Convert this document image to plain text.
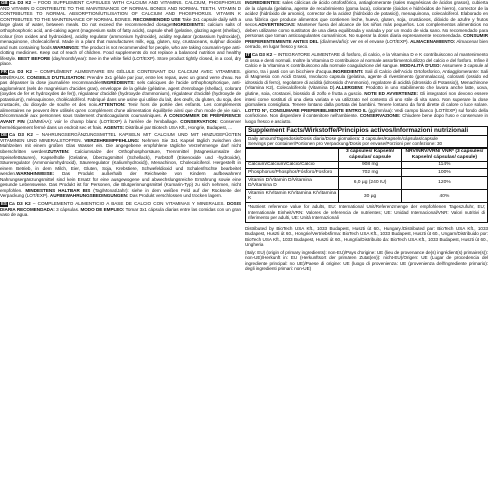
GB Ca D3 K2 – FOOD SUPPLEMENT CAPSULES WITH CALCIUM AND VITAMINS. CALCIUM, PHOSPHORUS AND VITAMIN D CONTRIBUTE TO THE MAINTENANCE OF NORMAL BONES AND NORMAL TEETH. VITAMIN D CONTRIBUTES TO NORMAL ABSORPTION/UTILISATION OF CALCIUM AND PHOSPHORUS. VITAMIN K CONTRIBUTES TO THE MAINTENANCE OF NORMAL BONES. RECOMMENDED USE Take 3x1 capsule daily with a large glass of water, between meals. Do not exceed the recommended dosage!INGREDIENTS: calcium salts of orthophosphoric acid, anti-caking agent (magnesium salts of fatty acids), capsule shell (gelatine, glazing agent (shellac), colour (iron oxides and hydroxides), acidity regulator (ammonium hydroxide), acidity regulator (potassium hydroxide)), menaquinone, cholecalciferol. Made in a plant that manufactures milk, egg, gluten, soy, crustaceans, sulphur dioxide and nuts containing foods.WARNINGS: The product is not recommended for people, who are taking coumarin-type anti-clotting medicines. Keep out of reach of children. Food supplements do not replace a balanced nutrition and healthy lifestyle. BEST BEFORE (day/month/year): See in the white field (LOT/EXP). Store product tightly closed, in a cool, dry place.

FR Ca D3 K2 – COMPLÉMENT ALIMENTAIRE EN GÉLULE CONTENANT DU CALCIUM AVEC VITAMINES. MINÉRAUX. CONSEILS D'UTILISATION: Prendre 3x1 gélule par jour, entre les repas, avec un grand verre d'eau. Ne pas dépasser la dose journalière recommandée!INGRÉDIENTS: sels calciques de l'acide orthophosphorique, anti-agglomérant (sels de magnésium d'acides gras), enveloppe de la gélule (gélatine, agent d'enrobage (shellac), colorant (oxydes de fer et hydroxydes de fer)), régulateur d'acidité (hydroxyde d'ammonium), régulateur d'acidité (hydroxyde de potassium)), ménaquinone, cholécalciférol. Fabriqué dans une usine qui utilise du lait, des œufs, du gluten, du soja, des crustacés, du dioxyde de soufre et des noix.ATTENTION: Tenir hors de portée des enfants. Les compléments alimentaires ne peuvent être utilisés qu'en complément d'une alimentation équilibrée ainsi que d'un mode de vie sain. Décommandé aux personnes sous traitement d'anticoagulants coumariniques. À CONSOMMER DE PRÉFÉRENCE AVANT FIN (JJ/MM/AA): voir le champ blanc (LOT/EXP) à l'arrière de l'emballage. CONSERVATION: Conserver hermétiquement fermé dans un endroit sec et frais. AGENTS: Distribué par Biotech USA Kft., Hongrie, Budapest, ...

DE Ca D3 K2 – NAHRUNGSERGÄNZUNGSMITTEL KAPSELN MIT CALCIUM UND MIT HINZUGEFÜGTEN VITAMINEN UND MINERALSTOFFEN. VERZEHREMPFEHLUNG: Nehmen Sie 3x1 Kapsel täglich zwischen den Mahlzeiten mit einem großen Glas Wasser ein. Die angegebene empfohlene tägliche Verzehrmenge darf nicht überschritten werden!ZUTATEN: Calciumsalze der Orthophosphorsäure, Trennmittel (Magnesiumsalze der Speisefettsäuren), Kapselhülle (Gelatine, Überzugsmittel (Schellack), Farbstoff (Eisenoxide und -hydroxide), Säureregulator (Ammoniumhydroxid), Säureregulator (Kaliumhydroxid)), Menachinon, Cholecalciferol. Hergestellt in einem Betrieb, in dem Milch, Eier, Gluten, Soja, Krebstiere, Schwefeldioxid und Schalenfrüchte bearbeitet werden.WARNHINWEISE: Das Produkt außerhalb der Reichweite von Kindern aufbewahren! Nahrungsergänzungsmittel sind kein Ersatz für eine ausgewogene und abwechslungsreiche Ernährung sowie eine gesunde Lebensweise. Das Produkt ist für Personen, die Blutgerinnungsmittel (Kumarin-Typ) zu sich nehmen, nicht empfohlen. MINDESTENS HALTBAR BIS (Tag/Monat/Jahr): siehe in dem weißen Feld auf der Rückseite der Verpackung (LOT/EXP). AUFBEWAHRUNGSBEDINGUNGEN: Das Produkt verschlossen und trocken lagern.

ES Ca D3 K2 – COMPLEMENTO ALIMENTICIO A BASE DE CALCIO CON VITAMINAS Y MINERALES. DOSIS DIARIA RECOMENDADA: 3 cápsulas. MODO DE EMPLEO: Tomar 3x1 cápsula diarias entre las comidas con un gran vaso de agua.

INGREDIENTES: sales cálcicas de ácido ortofosfórico, antiaglomerante (sales magnésicas de ácidos grasos), cubierta de la cápsula (gelatina, agente de recubrimiento (goma laca), colorante (óxidos e hidróxidos de hierro), corrector de la acidez (hidróxido de amonio), corrector de la acidez (hidróxido de potasio)), menaquinona, colecalciferol. Elaborado en una fábrica que produce alimentos que contienen leche, huevo, gluten, soja, crustáceos, dióxido de azufre y frutos secos.ADVERTENCIAS: Mantener fuera del alcance de los niños más pequeños. Los complementos alimenticios no deben utilizarse como sustitutos de una dieta equilibrada y variada y por un modo de vida sano. No recomendado para personas que toman anticoagulantes cumarínicos. No superar la dosis diaria expresamente recomendada. CONSUMIR PREFERENTEMENTE ANTES DEL (día/mes/año): ver en el envase (LOT/EXP). ALMACENAMIENTO: Almacenar bien cerrado, en lugar fresco y seco.

IT Ca D3 K2 – INTEGRATORE ALIMENTARE di fosforo, di calcio, e la Vitamina D e K contribuiscono al mantenimento di ossa e denti normali. Inoltre la Vitamina D contribuisce al normale assorbimento/utilizzo del calcio e del fosforo. Infine il Calcio e la Vitamina K contribuiscono alla normale coagulazione del sangue. MODALITÀ D'USO: Assumere 3 capsule al giorno, tra i pasti con un bicchiere d'acqua.INGREDIENTI: Sali di Calcio dell'Acido Ortofosforico, Antiagglomerante: Sali di Magnesio con Acidi Grassi, Involucro capsula (gelatina, agente di rivestimento (gommalacca), coloranti (ossido ed idrossido di ferro), regolatore di acidità (idrossido d'Ammonio), regolatore di acidità (idrossido di Potassio)), Menachinone (Vitamina K2), Colecalciferolo (Vitamina D).ALLERGENI: Prodotto in uno stabilimento che lavora anche latte, uova, glutine, soia, crostacei, biossido di zolfo e frutta a guscio. NOTE ED AVVERTENZE: Gli integratori non devono essere intesi come sostituti di una dieta variata e va utilizzato nel contesto di uno stile di vita sano. Non superare la dose giornaliera consigliata. Tenere lontano dalla portata dei bambini. Tenere lontano da fonti dirette di calore o luce solare. LOTTO N°, CONSUMARE PREFERIBILMENTE ENTRO IL (gg/mm/aa): Vedi campo bianco (LOT/EXP) sul fondo della confezione. Non disperdere il contenitore nell'ambiente. CONSERVAZIONE: Chiudere bene dopo l'uso e conservare in luogo fresco e asciutto.

Supplement Facts/Wirkstoffe/Principios activos/Informazioni nutrizionali
Daily amount/Tagesdosis/Dosis diaria/Dose giornaliera: 3 capsules/Kapseln/cápsulas/capsule
Servings per container/Portionen pro Verpackung/Dosis por envase/Porzioni per confezione: 30
	3 capsules/ Kapseln/ cápsulas/ capsule	NRV/NRV/VRN/ VNR* (3 capsules/ Kapseln/ cápsulas/ capsule)
Calcium/Calcium/Calcio/Calcio	908 mg	114%
Phosphorus/Phosphor/Fósforo/Fosforo	702 mg	100%
Vitamin D/Vitamin D/Vitamina D/Vitamina D	6,0 µg (240 IU)	120%
Vitamin K/Vitamin K/Vitamina K/Vitamina K	30 µg	40%
*Nutrient reference value for adults, EU: International Unit/Referenzmenge der empfohlenen Tageszufuhr, EU; Internationale Einheit/VRN: Valores de referencia de nutrientes; UE: Unidad Internacional/VNR: Valori nutritivi di riferimento per adulti, UE: Unità Internazionali

Distributed by BioTech USA Kft., 1033 Budapest, Huszti út 60., Hungary./Distributed par: BioTech USA Kft., 1033 Budapest, Huszti út 60., Hongrie/Vertriebsfirma: BioTech USA Kft., 1033 Budapest, Huszti út 60., Ungarn/Distribuido por: BioTech USA Kft., 1033 Budapest, Huszti út 60., Hungría/Distribuito da: BioTech USA Kft., 1033 Budapest, Huszti út 60., Ungheria

(Italy: EU) (origin of primary ingredients): non-EU)/Pays d'origine: UE (lieu de provenance de(s) ingrédient(s) primaire(s)): non-UE)/Herkunft in: EU (Herkunftsort der primären Zutat(en)): nicht-EU)/Origen: UE (Lugar de procedencia del ingrediente principal: no UE)/Paese di origine: UE (luogo di provenienza: UE (provenienza dell'ingrediente primario): degli ingredienti primari: non-UE)
